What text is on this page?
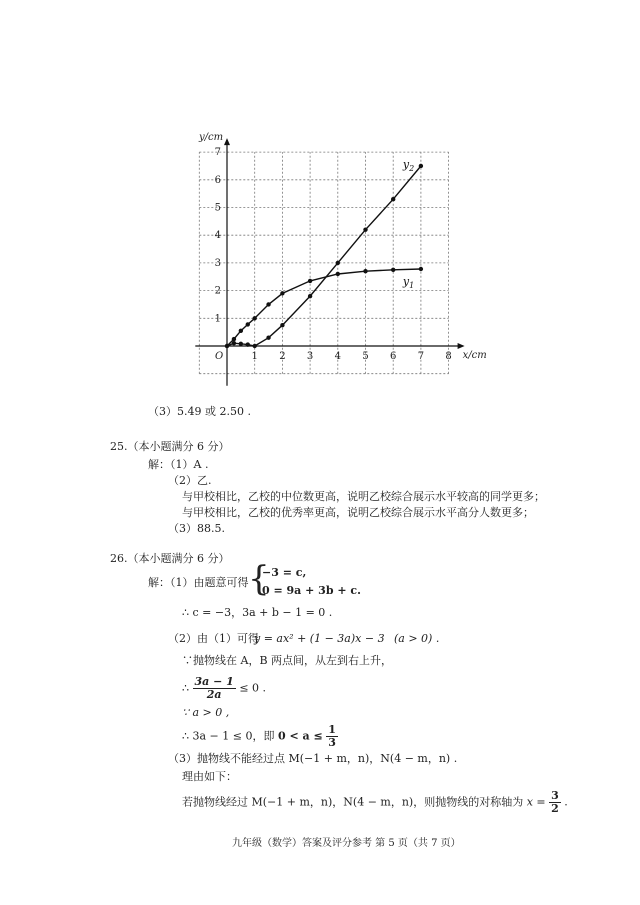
1 2 3 4 5 6 7 8
1
2
3
4
5
6
7
O	x/cm
y/cm
$y_1$
$y_2$
（3）5.49 或 2.50 .
25.（本小题满分 6 分）
解：（1）A .
（2）乙.
与甲校相比，乙校的中位数更高，说明乙校综合展示水平较高的同学更多；
与甲校相比，乙校的优秀率更高，说明乙校综合展示水平高分人数更多；
（3）88.5.
26.（本小题满分 6 分）
解：（1）由题意可得 {
−3 = c,
0 = 9a + 3b + c.
∴ c = −3，3a + b − 1 = 0 .
（2）由（1）可得
y = ax² + (1 − 3a)x − 3 (a > 0) .
∵抛物线在 A，B 两点间，从左到右上升，
∴ $\frac{3a - 1}{2a} \le 0$ .
∵ a > 0 ,
∴ 3a − 1 ≤ 0，即 $0 < a \le \frac{1}{3}$
（3）抛物线不能经过点 M(−1 + m，n)，N(4 − m，n) .
理由如下：
若抛物线经过 M(−1 + m，n)，N(4 − m，n)，则抛物线的对称轴为 $x = \frac{3}{2}$ .
九年级（数学）答案及评分参考 第 5 页（共 7 页）
